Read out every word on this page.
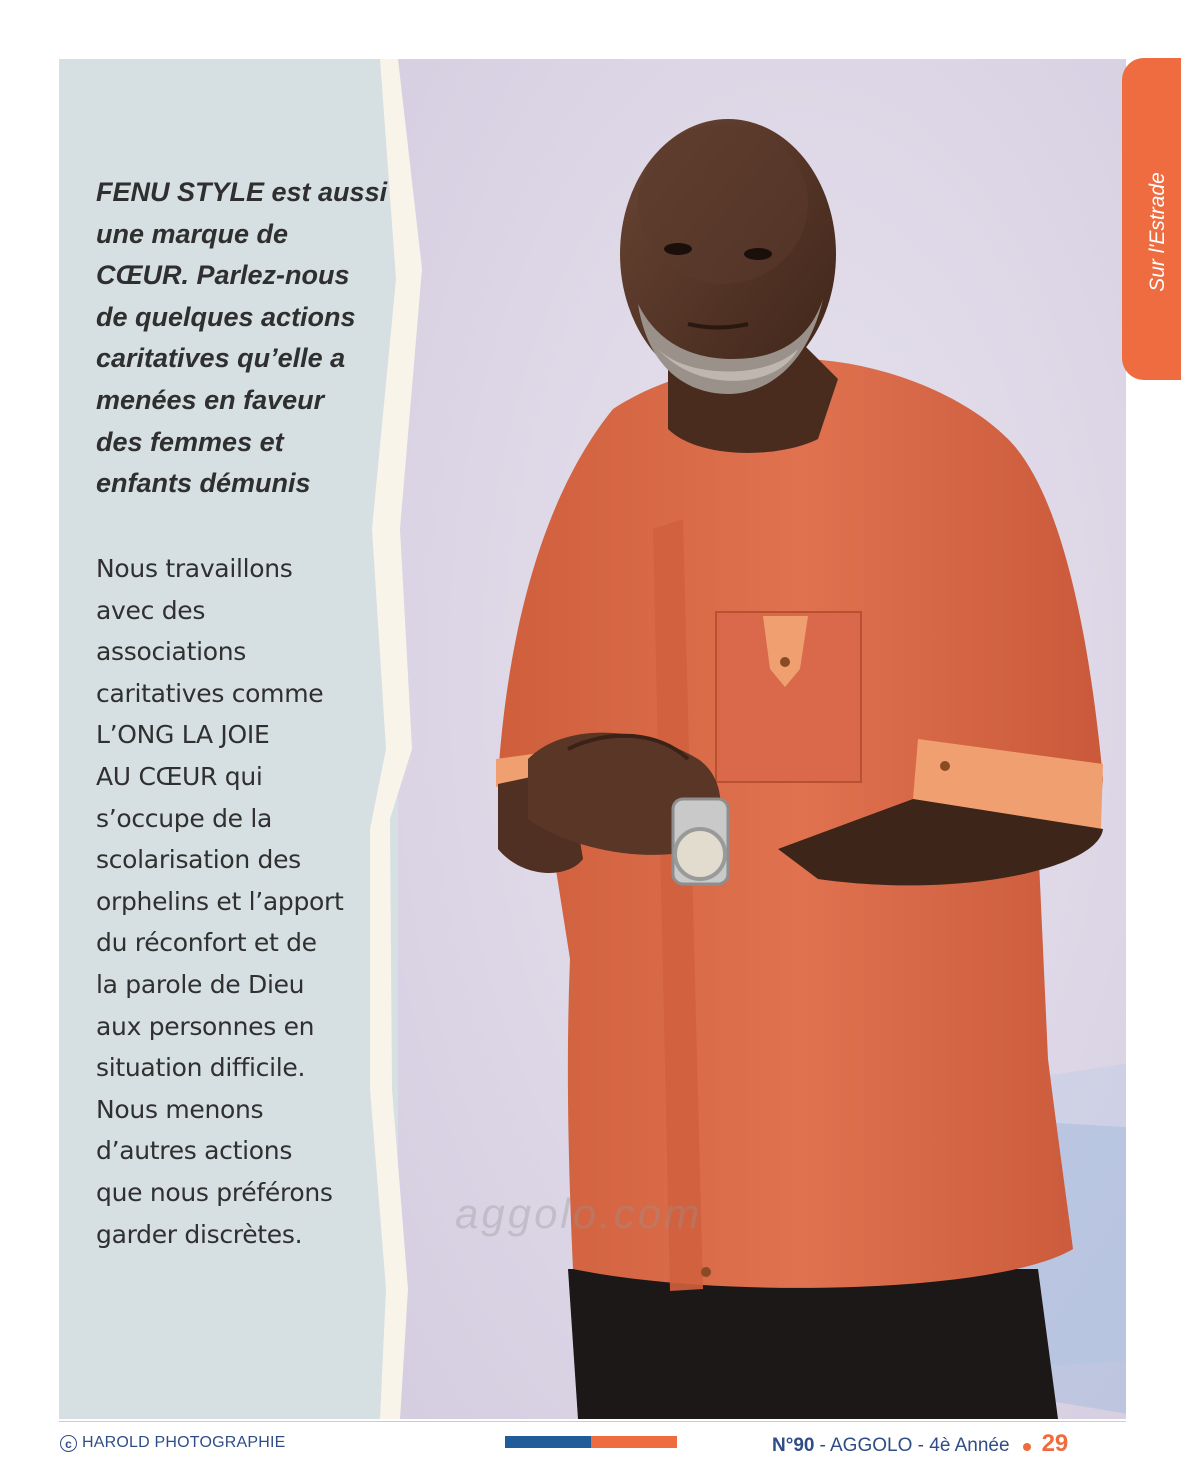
FENU STYLE est aussi
une marque de
CŒUR. Parlez-nous
de quelques actions
caritatives qu’elle a
menées en faveur
des femmes et
enfants démunis

Nous travaillons
avec des
associations
caritatives comme
L’ONG LA JOIE
AU CŒUR qui
s’occupe de la
scolarisation des
orphelins et l’apport
du réconfort et de
la parole de Dieu
aux personnes en
situation difficile.
Nous menons
d’autres actions
que nous préférons
garder discrètes.	aggolo.com
Sur l'Estrade
c HAROLD PHOTOGRAPHIE	N°90 - AGGOLO - 4è Année 29
